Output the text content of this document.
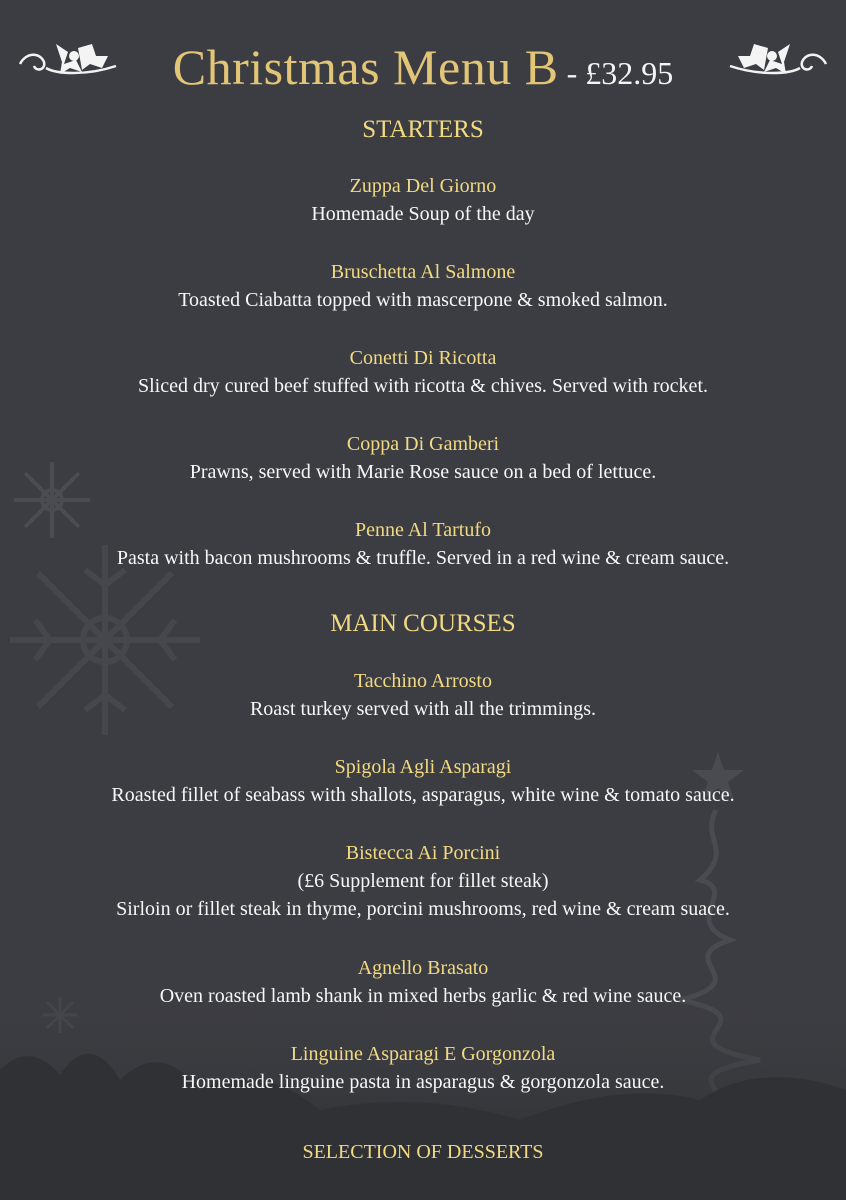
Christmas Menu B - £32.95
STARTERS
Zuppa Del Giorno
Homemade Soup of the day
Bruschetta Al Salmone
Toasted Ciabatta topped with mascerpone & smoked salmon.
Conetti Di Ricotta
Sliced dry cured beef stuffed with ricotta & chives. Served with rocket.
Coppa Di Gamberi
Prawns, served with Marie Rose sauce on a bed of lettuce.
Penne Al Tartufo
Pasta with bacon mushrooms & truffle. Served in a red wine & cream sauce.
MAIN COURSES
Tacchino Arrosto
Roast turkey served with all the trimmings.
Spigola Agli Asparagi
Roasted fillet of seabass with shallots, asparagus, white wine & tomato sauce.
Bistecca Ai Porcini
(£6 Supplement for fillet steak)
Sirloin or fillet steak in thyme, porcini mushrooms, red wine & cream suace.
Agnello Brasato
Oven roasted lamb shank in mixed herbs garlic & red wine sauce.
Linguine Asparagi E Gorgonzola
Homemade linguine pasta in asparagus & gorgonzola sauce.
SELECTION OF DESSERTS
